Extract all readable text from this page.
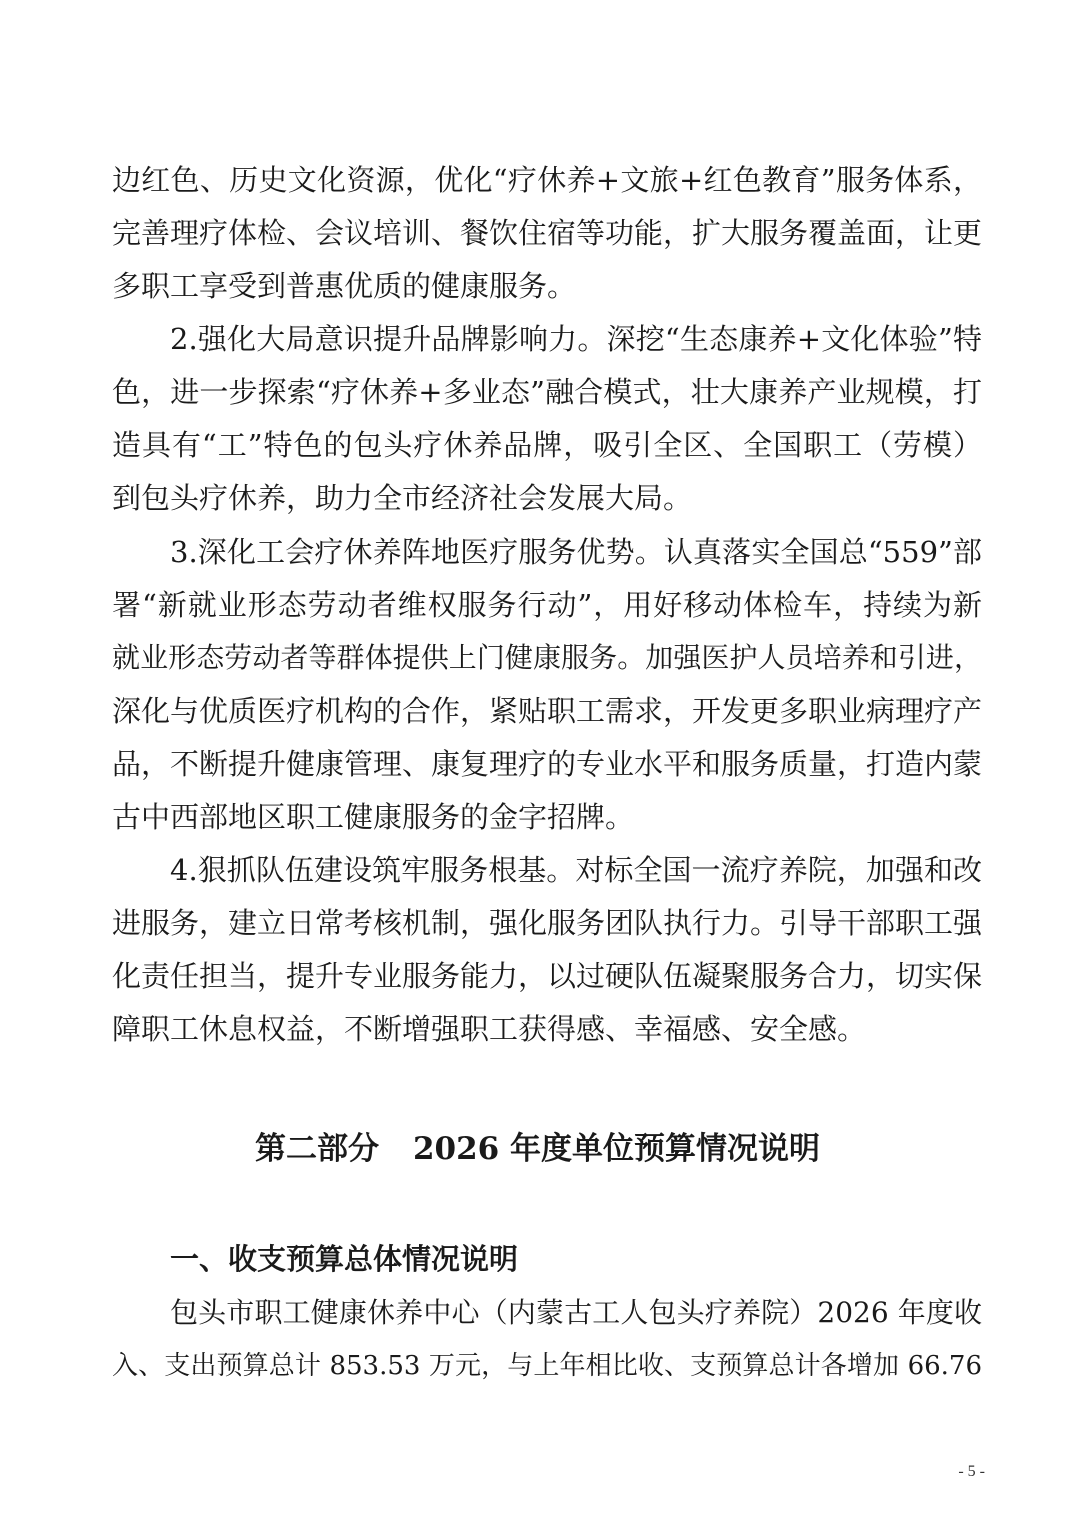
边红色、历史文化资源，优化“疗休养+文旅+红色教育”服务体系，
完善理疗体检、会议培训、餐饮住宿等功能，扩大服务覆盖面，让更
多职工享受到普惠优质的健康服务。
2.强化大局意识提升品牌影响力。深挖“生态康养+文化体验”特
色，进一步探索“疗休养+多业态”融合模式，壮大康养产业规模，打
造具有“工”特色的包头疗休养品牌，吸引全区、全国职工（劳模）
到包头疗休养，助力全市经济社会发展大局。
3.深化工会疗休养阵地医疗服务优势。认真落实全国总“559”部
署“新就业形态劳动者维权服务行动”，用好移动体检车，持续为新
就业形态劳动者等群体提供上门健康服务。加强医护人员培养和引进，
深化与优质医疗机构的合作，紧贴职工需求，开发更多职业病理疗产
品，不断提升健康管理、康复理疗的专业水平和服务质量，打造内蒙
古中西部地区职工健康服务的金字招牌。
4.狠抓队伍建设筑牢服务根基。对标全国一流疗养院，加强和改
进服务，建立日常考核机制，强化服务团队执行力。引导干部职工强
化责任担当，提升专业服务能力，以过硬队伍凝聚服务合力，切实保
障职工休息权益，不断增强职工获得感、幸福感、安全感。
第二部分 2026 年度单位预算情况说明
一、收支预算总体情况说明
包头市职工健康休养中心（内蒙古工人包头疗养院）2026 年度收
入、支出预算总计 853.53 万元，与上年相比收、支预算总计各增加 66.76
- 5 -
